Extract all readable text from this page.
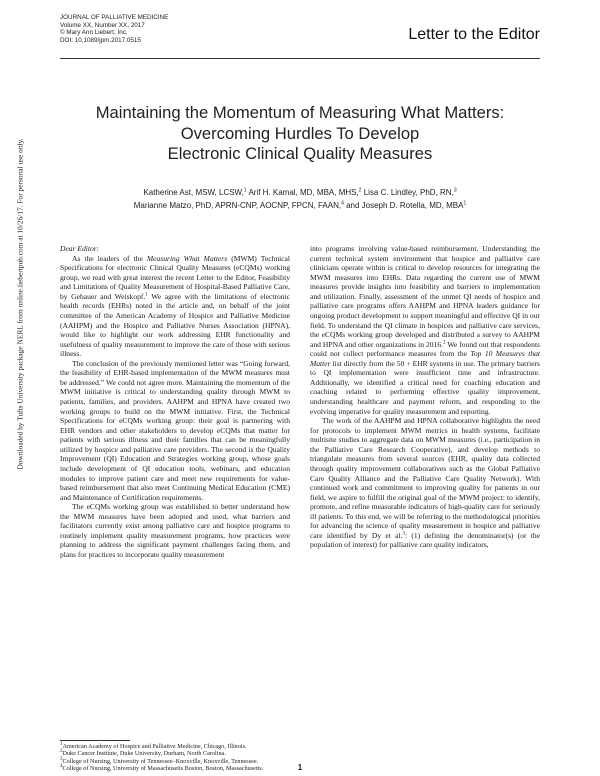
JOURNAL OF PALLIATIVE MEDICINE
Volume XX, Number XX, 2017
© Mary Ann Liebert, Inc.
DOI: 10.1089/jpm.2017.0515	Letter to the Editor
Maintaining the Momentum of Measuring What Matters:
Overcoming Hurdles To Develop
Electronic Clinical Quality Measures
Katherine Ast, MSW, LCSW,$^1$ Arif H. Kamal, MD, MBA, MHS,$^2$ Lisa C. Lindley, PhD, RN,$^3$
Marianne Matzo, PhD, APRN-CNP, AOCNP, FPCN, FAAN,$^4$ and Joseph D. Rotella, MD, MBA$^1$
Downloaded by Tufts University package NERL from online.liebertpub.com at 10/26/17. For personal use only.	Dear Editor:

As the leaders of the Measuring What Matters (MWM) Technical Specifications for electronic Clinical Quality Measures (eCQMs) working group, we read with great interest the recent Letter to the Editor, Feasibility and Limitations of Quality Measurement of Hospital-Based Palliative Care, by Gebauer and Weiskopf.$^1$ We agree with the limitations of electronic health records (EHRs) noted in the article and, on behalf of the joint committee of the American Academy of Hospice and Palliative Medicine (AAHPM) and the Hospice and Palliative Nurses Association (HPNA), would like to highlight our work addressing EHR functionality and usefulness of quality measurement to improve the care of those with serious illness.

The conclusion of the previously mentioned letter was “Going forward, the feasibility of EHR-based implementation of the MWM measures must be addressed.” We could not agree more. Maintaining the momentum of the MWM initiative is critical to understanding quality through MWM to patients, families, and providers. AAHPM and HPNA have created two working groups to build on the MWM initiative. First, the Technical Specifications for eCQMs working group: their goal is partnering with EHR vendors and other stakeholders to develop eCQMs that matter for patients with serious illness and their families that can be meaningfully utilized by hospice and palliative care providers. The second is the Quality Improvement (QI) Education and Strategies working group, whose goals include development of QI education tools, webinars, and education modules to improve patient care and meet new requirements for value-based reimbursement that also meet Continuing Medical Education (CME) and Maintenance of Certification requirements.

The eCQMs working group was established to better understand how the MWM measures have been adopted and used, what barriers and facilitators currently exist among palliative care and hospice programs to routinely implement quality measurement programs, how practices were planning to address the significant payment challenges facing them, and plans for practices to incorporate quality measurement

into programs involving value-based reimbursement. Understanding the current technical system environment that hospice and palliative care clinicians operate within is critical to develop resources for integrating the MWM measures into EHRs. Data regarding the current use of MWM measures provide insights into feasibility and barriers to implementation and utilization. Finally, assessment of the unmet QI needs of hospice and palliative care programs offers AAHPM and HPNA leaders guidance for ongoing product development to support meaningful and effective QI in our field. To understand the QI climate in hospices and palliative care services, the eCQMs working group developed and distributed a survey to AAHPM and HPNA and other organizations in 2016.$^2$ We found out that respondents could not collect performance measures from the Top 10 Measures that Matter list directly from the 50 + EHR systems in use. The primary barriers to QI implementation were insufficient time and infrastructure. Additionally, we identified a critical need for coaching education and coaching related to performing effective quality improvement, understanding healthcare and payment reform, and responding to the evolving imperative for quality measurement and reporting.

The work of the AAHPM and HPNA collaborative highlights the need for protocols to implement MWM metrics in health systems, facilitate multisite studies to aggregate data on MWM measures (i.e., participation in the Palliative Care Research Cooperative), and develop methods to triangulate measures from several sources (EHR, quality data collected through quality improvement collaboratives such as the Global Palliative Care Quality Alliance and the Palliative Care Quality Network). With continued work and commitment to improving quality for patients in our field, we aspire to fulfill the original goal of the MWM project: to identify, promote, and refine measurable indicators of high-quality care for seriously ill patients. To this end, we will be referring to the methodological priorities for advancing the science of quality measurement in hospice and palliative care identified by Dy et al.$^3$: (1) defining the denominator(s) (or the population of interest) for palliative care quality indicators,

$^1$American Academy of Hospice and Palliative Medicine, Chicago, Illinois.
$^2$Duke Cancer Institute, Duke University, Durham, North Carolina.
$^3$College of Nursing, University of Tennessee–Knoxville, Knoxville, Tennessee.
$^4$College of Nursing, University of Massachusetts Boston, Boston, Massachusetts.	1
